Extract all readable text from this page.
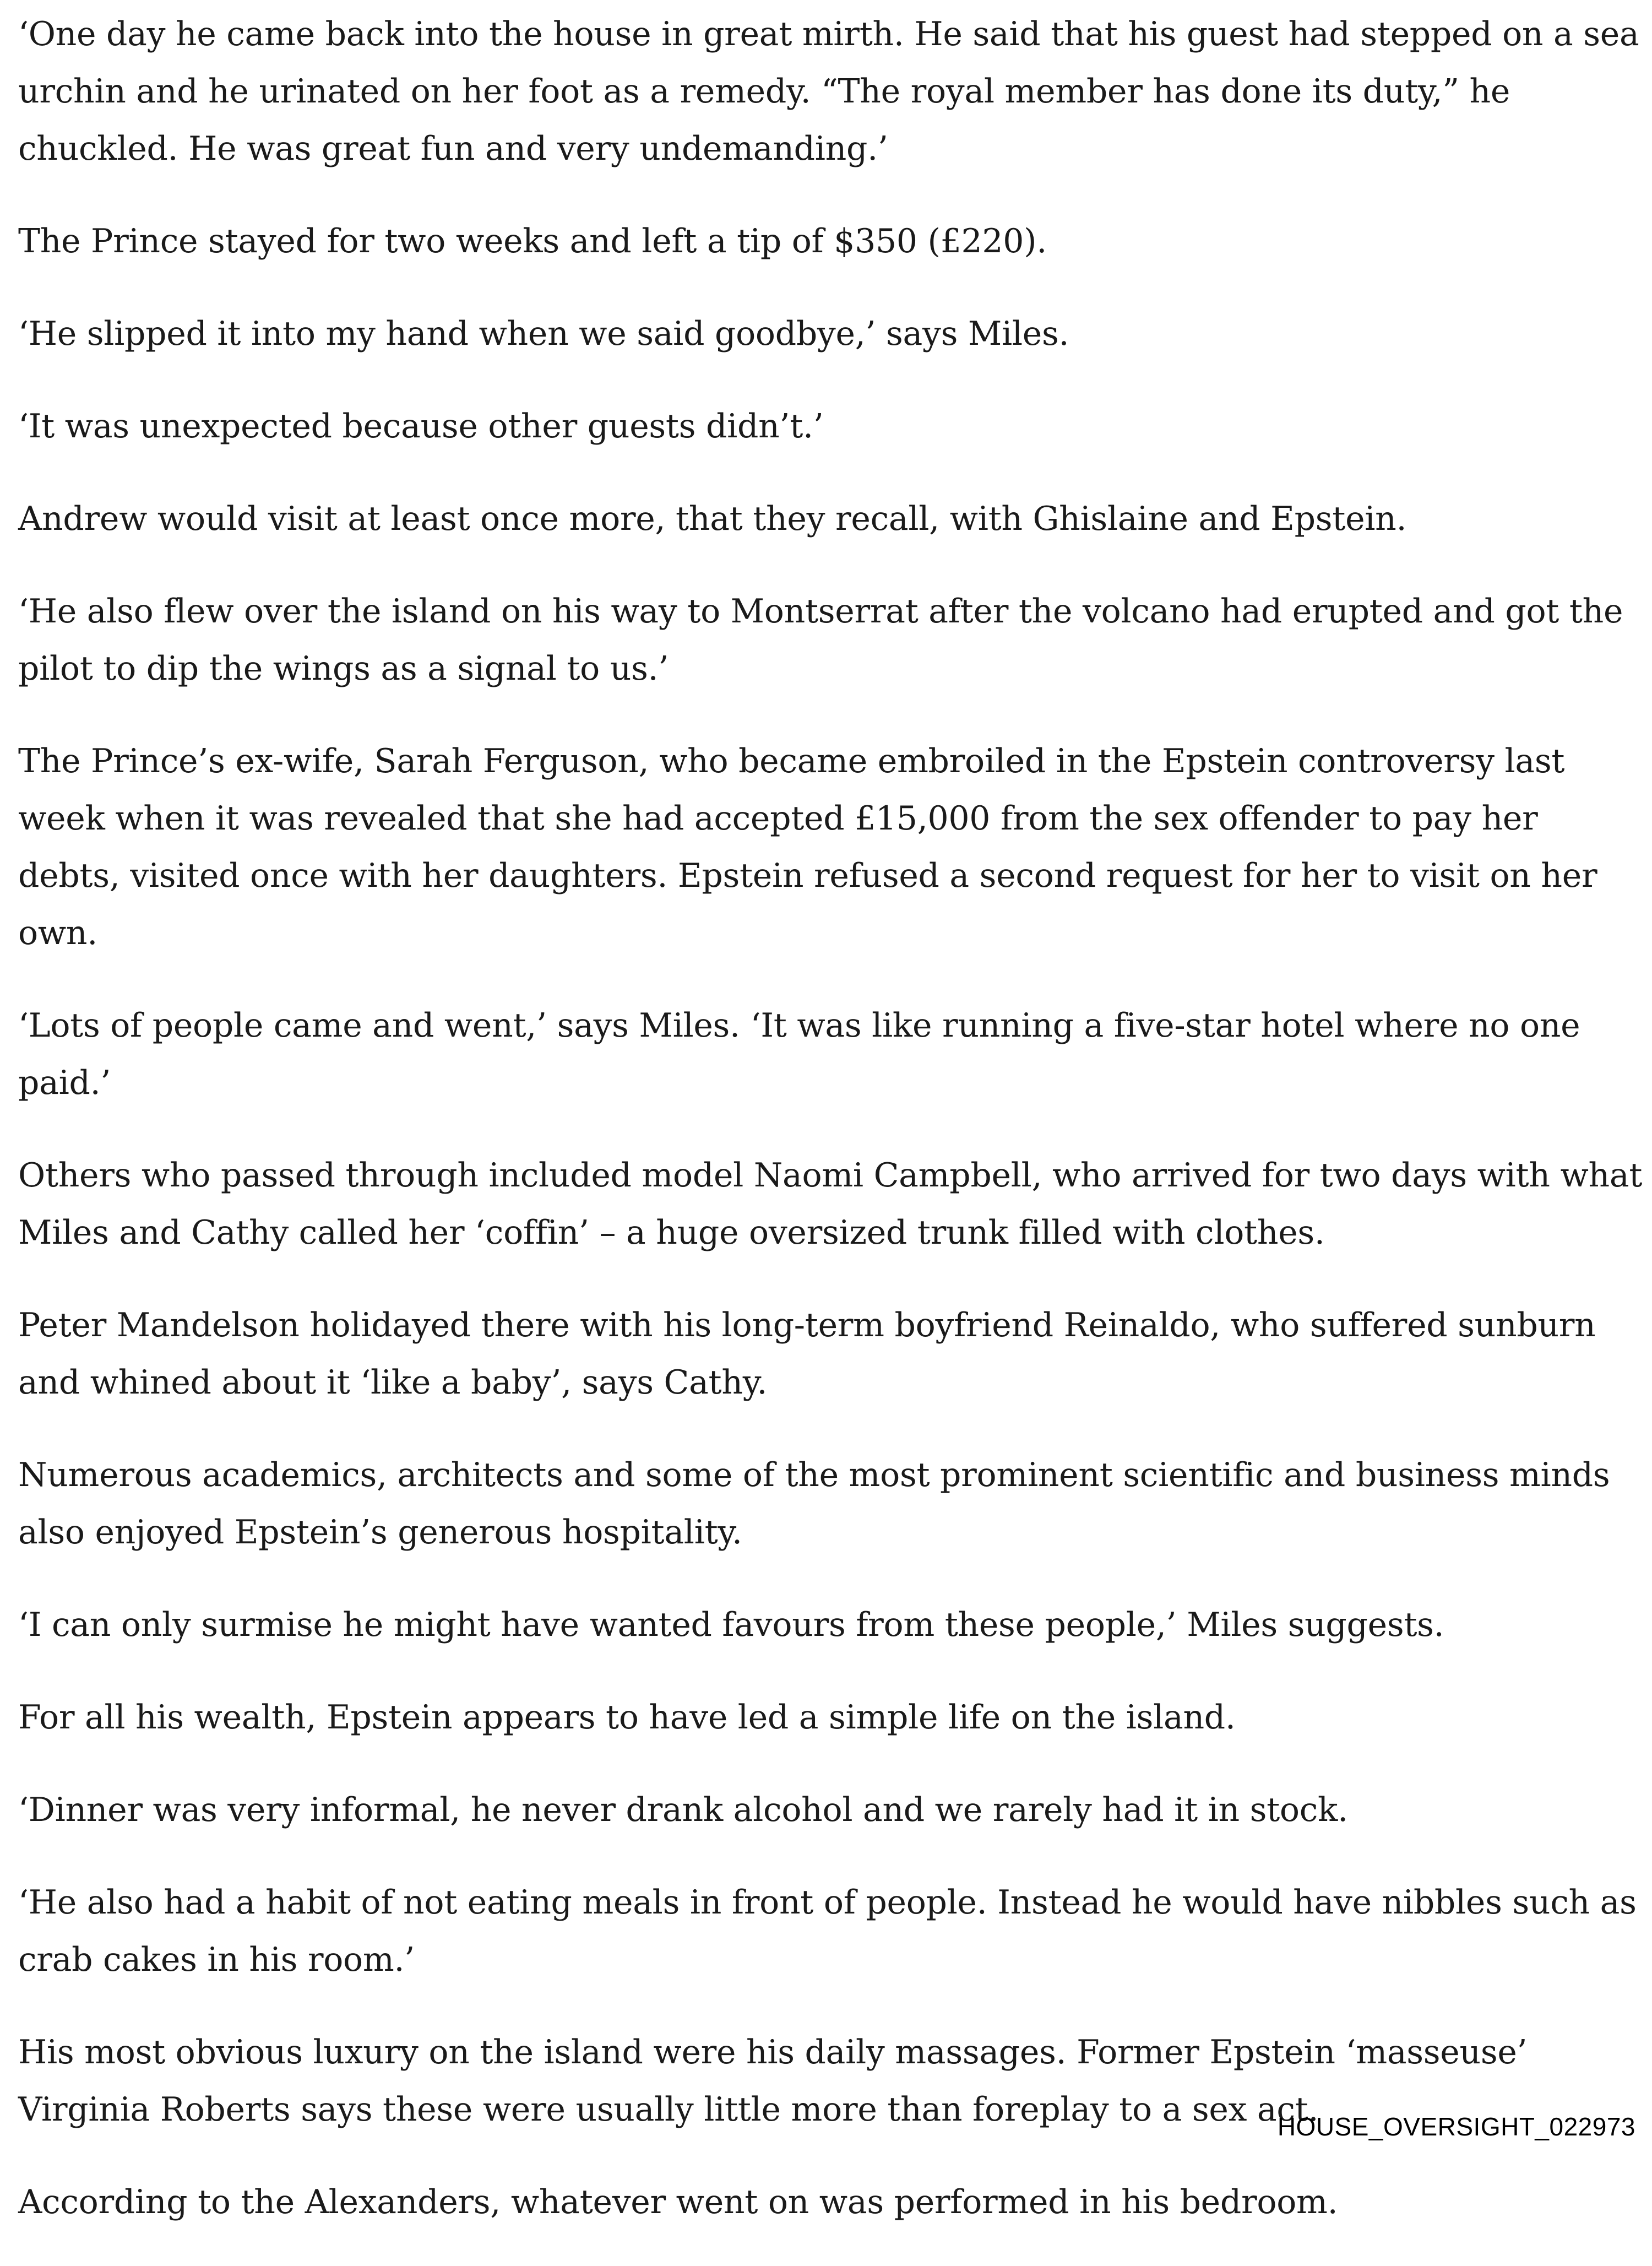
‘One day he came back into the house in great mirth. He said that his guest had stepped on a sea urchin and he urinated on her foot as a remedy. “The royal member has done its duty,” he chuckled. He was great fun and very undemanding.’

The Prince stayed for two weeks and left a tip of $350 (£220).

‘He slipped it into my hand when we said goodbye,’ says Miles.

‘It was unexpected because other guests didn’t.’

Andrew would visit at least once more, that they recall, with Ghislaine and Epstein.

‘He also flew over the island on his way to Montserrat after the volcano had erupted and got the pilot to dip the wings as a signal to us.’

The Prince’s ex-wife, Sarah Ferguson, who became embroiled in the Epstein controversy last week when it was revealed that she had accepted £15,000 from the sex offender to pay her debts, visited once with her daughters. Epstein refused a second request for her to visit on her own.

‘Lots of people came and went,’ says Miles. ‘It was like running a five-star hotel where no one paid.’

Others who passed through included model Naomi Campbell, who arrived for two days with what Miles and Cathy called her ‘coffin’ – a huge oversized trunk filled with clothes.

Peter Mandelson holidayed there with his long-term boyfriend Reinaldo, who suffered sunburn and whined about it ‘like a baby’, says Cathy.

Numerous academics, architects and some of the most prominent scientific and business minds also enjoyed Epstein’s generous hospitality.

‘I can only surmise he might have wanted favours from these people,’ Miles suggests.

For all his wealth, Epstein appears to have led a simple life on the island.

‘Dinner was very informal, he never drank alcohol and we rarely had it in stock.

‘He also had a habit of not eating meals in front of people. Instead he would have nibbles such as crab cakes in his room.’

His most obvious luxury on the island were his daily massages. Former Epstein ‘masseuse’ Virginia Roberts says these were usually little more than foreplay to a sex act.

According to the Alexanders, whatever went on was performed in his bedroom.

HOUSE_OVERSIGHT_022973
